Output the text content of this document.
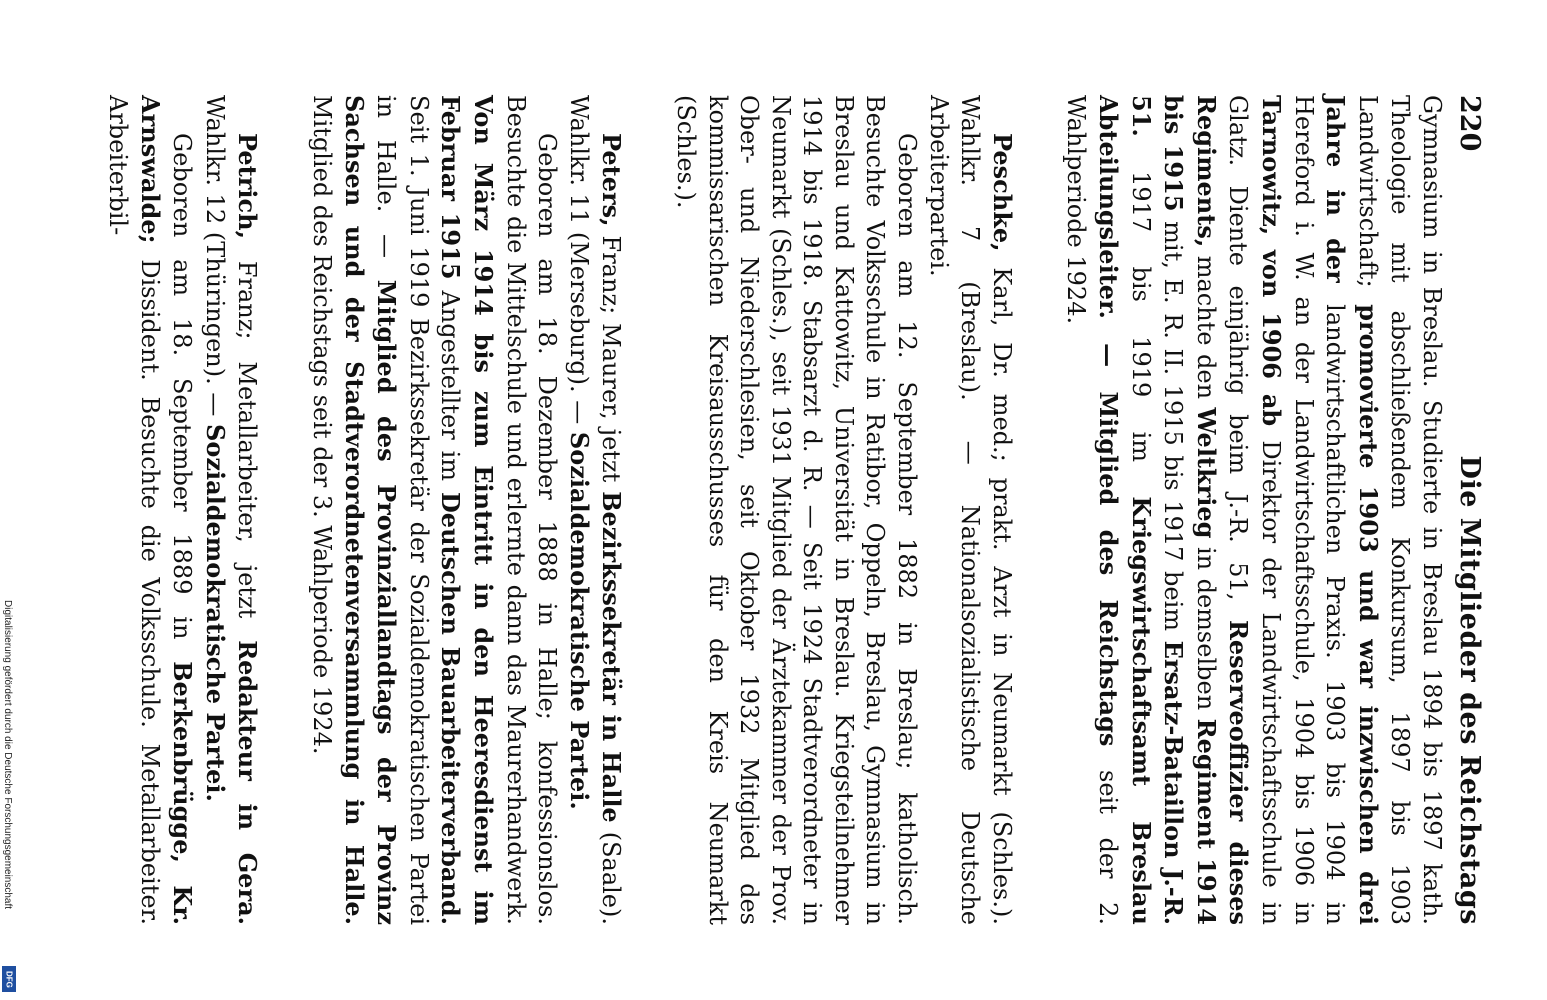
220
Die Mitglieder des Reichstags

Gymnasium in Breslau. Studierte in Breslau 1894 bis 1897 kath. Theologie mit abschließendem Konkursum, 1897 bis 1903 Landwirtschaft; promovierte 1903 und war inzwischen drei Jahre in der landwirtschaftlichen Praxis. 1903 bis 1904 in Hereford i. W. an der Landwirtschaftsschule, 1904 bis 1906 in Tarnowitz, von 1906 ab Direktor der Landwirtschaftsschule in Glatz. Diente einjährig beim J.-R. 51, Reserveoffizier dieses Regiments, machte den Weltkrieg in demselben Regiment 1914 bis 1915 mit, E. R. II. 1915 bis 1917 beim Ersatz-Bataillon J.-R. 51. 1917 bis 1919 im Kriegswirtschaftsamt Breslau Abteilungsleiter. — Mitglied des Reichstags seit der 2. Wahlperiode 1924.

Peschke, Karl, Dr. med.; prakt. Arzt in Neumarkt (Schles.). Wahlkr. 7 (Breslau). — Nationalsozialistische Deutsche Arbeiterpartei.

Geboren am 12. September 1882 in Breslau; katholisch. Besuchte Volksschule in Ratibor, Oppeln, Breslau, Gymnasium in Breslau und Kattowitz, Universität in Breslau. Kriegsteilnehmer 1914 bis 1918. Stabsarzt d. R. — Seit 1924 Stadtverordneter in Neumarkt (Schles.), seit 1931 Mitglied der Ärztekammer der Prov. Ober- und Niederschlesien, seit Oktober 1932 Mitglied des kommissarischen Kreisausschusses für den Kreis Neumarkt (Schles.).

Peters, Franz; Maurer, jetzt Bezirkssekretär in Halle (Saale). Wahlkr. 11 (Merseburg). — Sozialdemokratische Partei.

Geboren am 18. Dezember 1888 in Halle; konfessionslos. Besuchte die Mittelschule und erlernte dann das Maurerhandwerk. Von März 1914 bis zum Eintritt in den Heeresdienst im Februar 1915 Angestellter im Deutschen Bauarbeiterverband. Seit 1. Juni 1919 Bezirkssekretär der Sozialdemokratischen Partei in Halle. — Mitglied des Provinziallandtags der Provinz Sachsen und der Stadtverordnetenversammlung in Halle. Mitglied des Reichstags seit der 3. Wahlperiode 1924.

Petrich, Franz; Metallarbeiter, jetzt Redakteur in Gera. Wahlkr. 12 (Thüringen). — Sozialdemokratische Partei.

Geboren am 18. September 1889 in Berkenbrügge, Kr. Arnswalde; Dissident. Besuchte die Volksschule. Metallarbeiter. Arbeiterbil-

Digitalisierung gefördert durch die Deutsche Forschungsgemeinschaft
DFG
